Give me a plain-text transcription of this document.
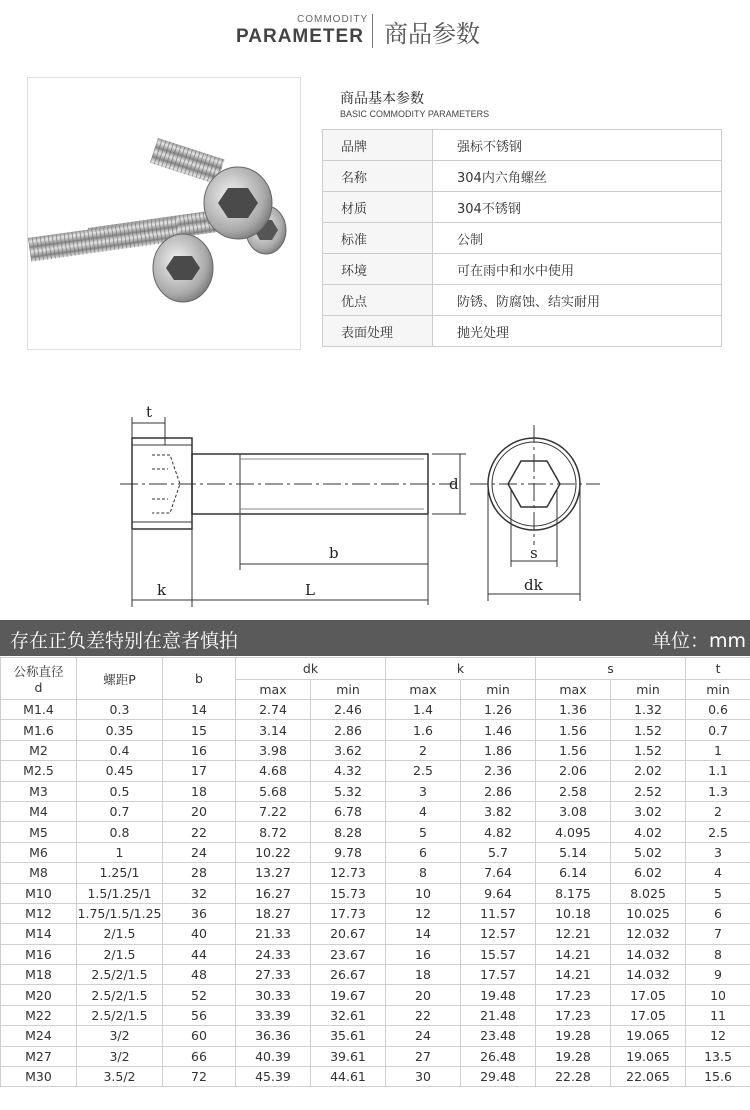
COMMODITY
PARAMETER 商品参数
商品基本参数
BASIC COMMODITY PARAMETERS
品牌	强标不锈钢
名称	304内六角螺丝
材质	304不锈钢
标准	公制
环境	可在雨中和水中使用
优点	防锈、防腐蚀、结实耐用
表面处理	抛光处理
t
d
b
k	L
s
dk
存在正负差特别在意者慎拍	单位：mm
公称直径
d	螺距P	b	dk		k		s		t
			max	min	max	min	max	min	min
M1.4	0.3	14	2.74	2.46	1.4	1.26	1.36	1.32	0.6
M1.6	0.35	15	3.14	2.86	1.6	1.46	1.56	1.52	0.7
M2	0.4	16	3.98	3.62	2	1.86	1.56	1.52	1
M2.5	0.45	17	4.68	4.32	2.5	2.36	2.06	2.02	1.1
M3	0.5	18	5.68	5.32	3	2.86	2.58	2.52	1.3
M4	0.7	20	7.22	6.78	4	3.82	3.08	3.02	2
M5	0.8	22	8.72	8.28	5	4.82	4.095	4.02	2.5
M6	1	24	10.22	9.78	6	5.7	5.14	5.02	3
M8	1.25/1	28	13.27	12.73	8	7.64	6.14	6.02	4
M10	1.5/1.25/1	32	16.27	15.73	10	9.64	8.175	8.025	5
M12	1.75/1.5/1.25	36	18.27	17.73	12	11.57	10.18	10.025	6
M14	2/1.5	40	21.33	20.67	14	12.57	12.21	12.032	7
M16	2/1.5	44	24.33	23.67	16	15.57	14.21	14.032	8
M18	2.5/2/1.5	48	27.33	26.67	18	17.57	14.21	14.032	9
M20	2.5/2/1.5	52	30.33	19.67	20	19.48	17.23	17.05	10
M22	2.5/2/1.5	56	33.39	32.61	22	21.48	17.23	17.05	11
M24	3/2	60	36.36	35.61	24	23.48	19.28	19.065	12
M27	3/2	66	40.39	39.61	27	26.48	19.28	19.065	13.5
M30	3.5/2	72	45.39	44.61	30	29.48	22.28	22.065	15.6
